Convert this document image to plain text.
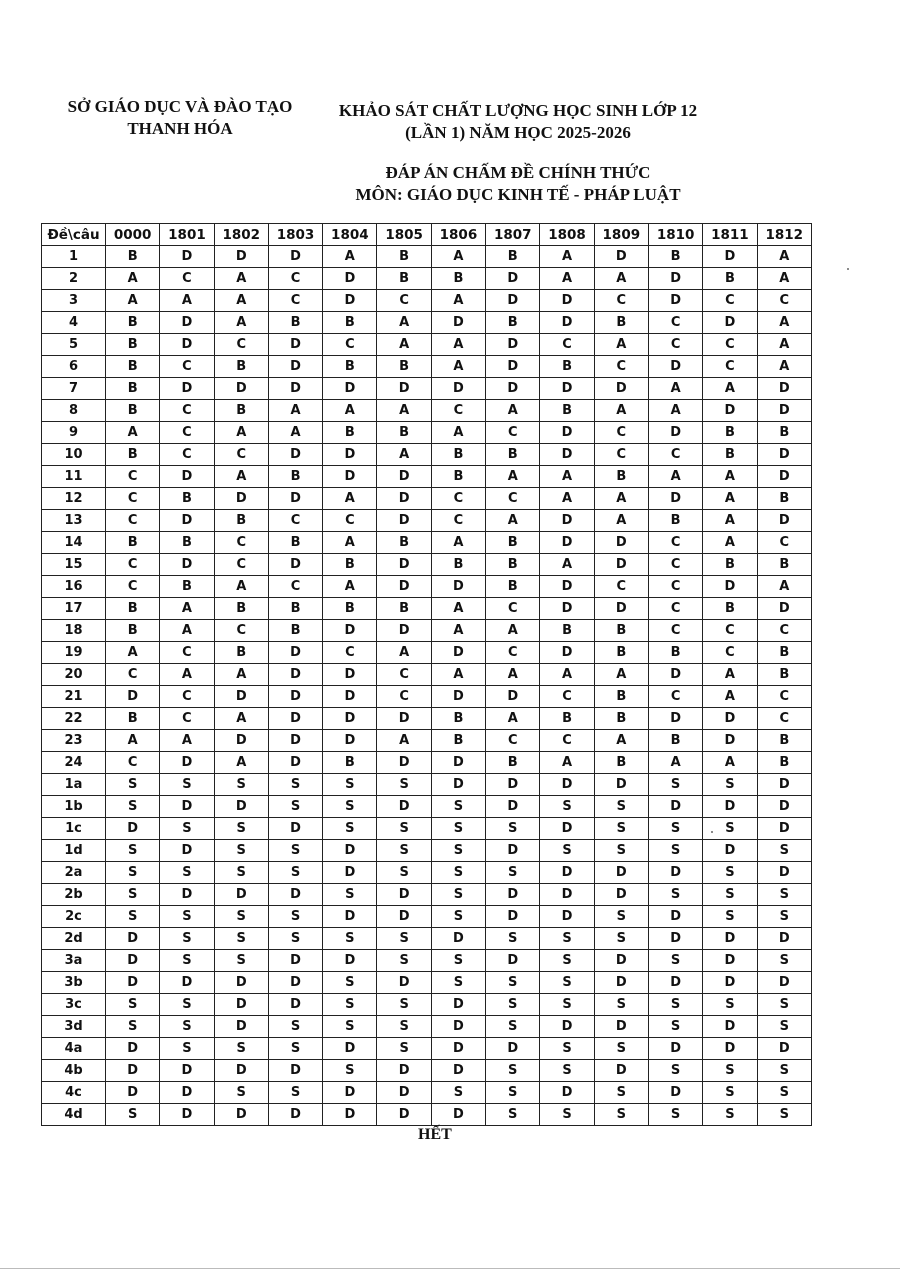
SỞ GIÁO DỤC VÀ ĐÀO TẠO
THANH HÓA
KHẢO SÁT CHẤT LƯỢNG HỌC SINH LỚP 12
(LẦN 1) NĂM HỌC 2025-2026
ĐÁP ÁN CHẤM ĐỀ CHÍNH THỨC
MÔN: GIÁO DỤC KINH TẾ - PHÁP LUẬT
Đề\câu	0000	1801	1802	1803	1804	1805	1806	1807	1808	1809	1810	1811	1812
1	B	D	D	D	A	B	A	B	A	D	B	D	A
2	A	C	A	C	D	B	B	D	A	A	D	B	A
3	A	A	A	C	D	C	A	D	D	C	D	C	C
4	B	D	A	B	B	A	D	B	D	B	C	D	A
5	B	D	C	D	C	A	A	D	C	A	C	C	A
6	B	C	B	D	B	B	A	D	B	C	D	C	A
7	B	D	D	D	D	D	D	D	D	D	A	A	D
8	B	C	B	A	A	A	C	A	B	A	A	D	D
9	A	C	A	A	B	B	A	C	D	C	D	B	B
10	B	C	C	D	D	A	B	B	D	C	C	B	D
11	C	D	A	B	D	D	B	A	A	B	A	A	D
12	C	B	D	D	A	D	C	C	A	A	D	A	B
13	C	D	B	C	C	D	C	A	D	A	B	A	D
14	B	B	C	B	A	B	A	B	D	D	C	A	C
15	C	D	C	D	B	D	B	B	A	D	C	B	B
16	C	B	A	C	A	D	D	B	D	C	C	D	A
17	B	A	B	B	B	B	A	C	D	D	C	B	D
18	B	A	C	B	D	D	A	A	B	B	C	C	C
19	A	C	B	D	C	A	D	C	D	B	B	C	B
20	C	A	A	D	D	C	A	A	A	A	D	A	B
21	D	C	D	D	D	C	D	D	C	B	C	A	C
22	B	C	A	D	D	D	B	A	B	B	D	D	C
23	A	A	D	D	D	A	B	C	C	A	B	D	B
24	C	D	A	D	B	D	D	B	A	B	A	A	B
1a	S	S	S	S	S	S	D	D	D	D	S	S	D
1b	S	D	D	S	S	D	S	D	S	S	D	D	D
1c	D	S	S	D	S	S	S	S	D	S	S	S	D
1d	S	D	S	S	D	S	S	D	S	S	S	D	S
2a	S	S	S	S	D	S	S	S	D	D	D	S	D
2b	S	D	D	D	S	D	S	D	D	D	S	S	S
2c	S	S	S	S	D	D	S	D	D	S	D	S	S
2d	D	S	S	S	S	S	D	S	S	S	D	D	D
3a	D	S	S	D	D	S	S	D	S	D	S	D	S
3b	D	D	D	D	S	D	S	S	S	D	D	D	D
3c	S	S	D	D	S	S	D	S	S	S	S	S	S
3d	S	S	D	S	S	S	D	S	D	D	S	D	S
4a	D	S	S	S	D	S	D	D	S	S	D	D	D
4b	D	D	D	D	S	D	D	S	S	D	S	S	S
4c	D	D	S	S	D	D	S	S	D	S	D	S	S
4d	S	D	D	D	D	D	D	S	S	S	S	S	S
HẾT
